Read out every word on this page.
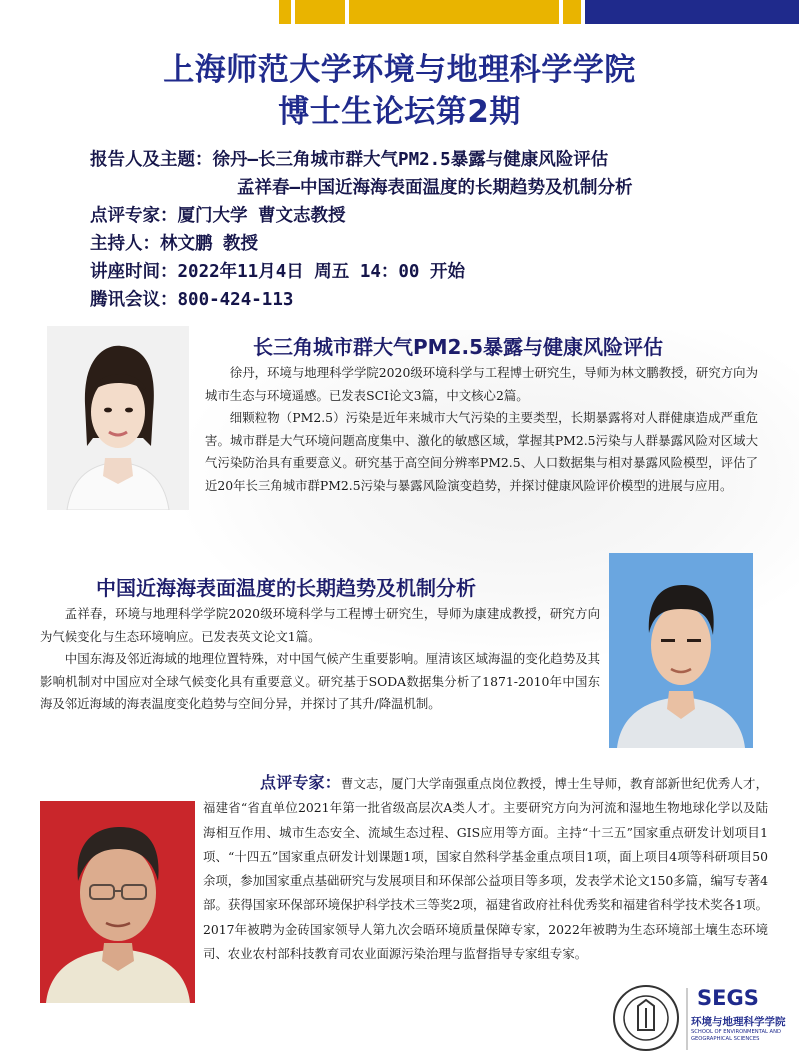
上海师范大学环境与地理科学学院
博士生论坛第2期
报告人及主题：徐丹—长三角城市群大气PM2.5暴露与健康风险评估
孟祥春—中国近海海表面温度的长期趋势及机制分析
点评专家：厦门大学 曹文志教授
主持人：林文鹏 教授
讲座时间：2022年11月4日 周五 14：00 开始
腾讯会议：800-424-113
长三角城市群大气PM2.5暴露与健康风险评估

徐丹，环境与地理科学学院2020级环境科学与工程博士研究生，导师为林文鹏教授，研究方向为城市生态与环境遥感。已发表SCI论文3篇，中文核心2篇。

细颗粒物（PM2.5）污染是近年来城市大气污染的主要类型，长期暴露将对人群健康造成严重危害。城市群是大气环境问题高度集中、激化的敏感区域，掌握其PM2.5污染与人群暴露风险对区域大气污染防治具有重要意义。研究基于高空间分辨率PM2.5、人口数据集与相对暴露风险模型，评估了近20年长三角城市群PM2.5污染与暴露风险演变趋势，并探讨健康风险评价模型的进展与应用。

中国近海海表面温度的长期趋势及机制分析

孟祥春，环境与地理科学学院2020级环境科学与工程博士研究生，导师为康建成教授，研究方向为气候变化与生态环境响应。已发表英文论文1篇。

中国东海及邻近海域的地理位置特殊，对中国气候产生重要影响。厘清该区域海温的变化趋势及其影响机制对中国应对全球气候变化具有重要意义。研究基于SODA数据集分析了1871-2010年中国东海及邻近海域的海表温度变化趋势与空间分异，并探讨了其升/降温机制。

点评专家：曹文志，厦门大学南强重点岗位教授，博士生导师，教育部新世纪优秀人才，福建省“省直单位2021年第一批省级高层次A类人才。主要研究方向为河流和湿地生物地球化学以及陆海相互作用、城市生态安全、流域生态过程、GIS应用等方面。主持“十三五”国家重点研发计划项目1项、“十四五”国家重点研发计划课题1项，国家自然科学基金重点项目1项，面上项目4项等科研项目50余项，参加国家重点基础研究与发展项目和环保部公益项目等多项，发表学术论文150多篇，编写专著4部。获得国家环保部环境保护科学技术三等奖2项，福建省政府社科优秀奖和福建省科学技术奖各1项。2017年被聘为金砖国家领导人第九次会晤环境质量保障专家，2022年被聘为生态环境部土壤生态环境司、农业农村部科技教育司农业面源污染治理与监督指导专家组专家。

SEGS
环境与地理科学学院
SCHOOL OF ENVIRONMENTAL AND GEOGRAPHICAL SCIENCES
